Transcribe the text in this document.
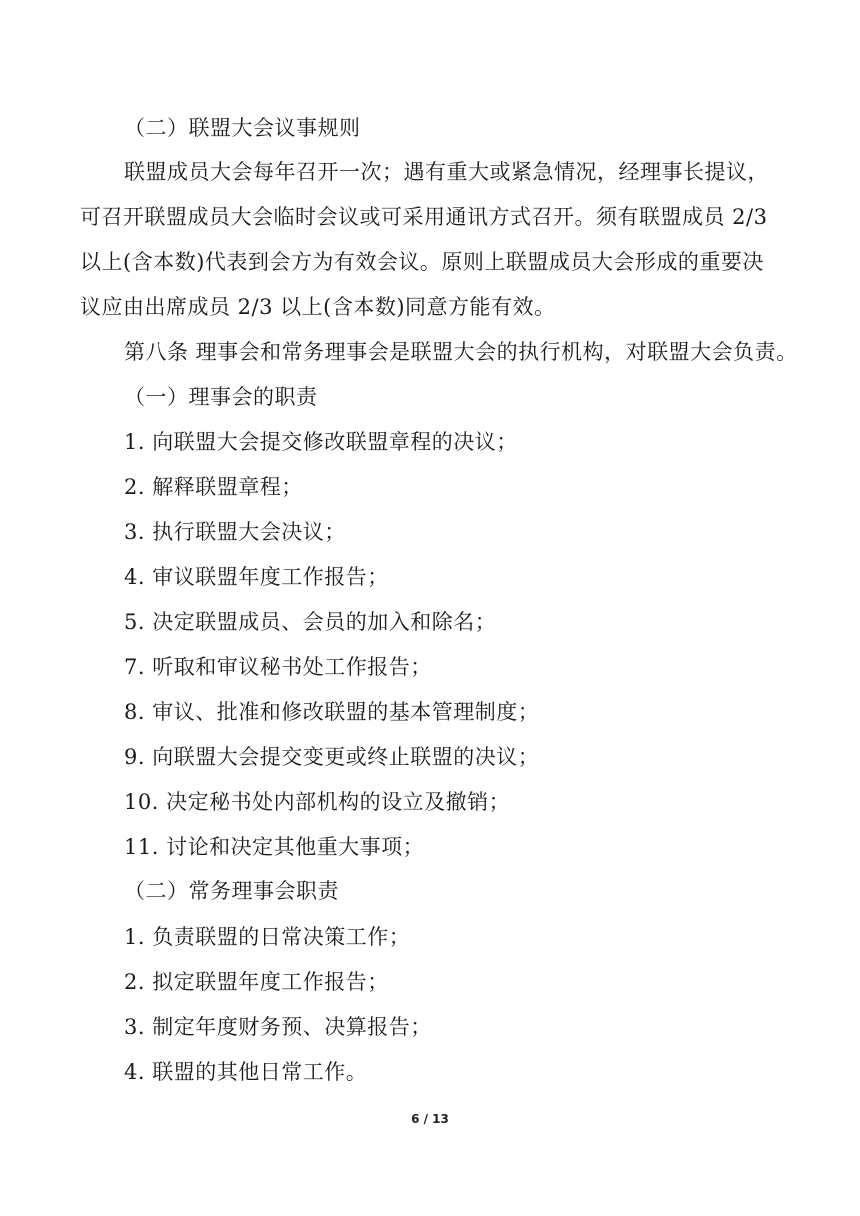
（二）联盟大会议事规则
联盟成员大会每年召开一次；遇有重大或紧急情况，经理事长提议，
可召开联盟成员大会临时会议或可采用通讯方式召开。须有联盟成员 2/3
以上(含本数)代表到会方为有效会议。原则上联盟成员大会形成的重要决
议应由出席成员 2/3 以上(含本数)同意方能有效。
第八条 理事会和常务理事会是联盟大会的执行机构，对联盟大会负责。
（一）理事会的职责
1. 向联盟大会提交修改联盟章程的决议；
2. 解释联盟章程；
3. 执行联盟大会决议；
4. 审议联盟年度工作报告；
5. 决定联盟成员、会员的加入和除名；
7. 听取和审议秘书处工作报告；
8. 审议、批准和修改联盟的基本管理制度；
9. 向联盟大会提交变更或终止联盟的决议；
10. 决定秘书处内部机构的设立及撤销；
11. 讨论和决定其他重大事项；
（二）常务理事会职责
1. 负责联盟的日常决策工作；
2. 拟定联盟年度工作报告；
3. 制定年度财务预、决算报告；
4. 联盟的其他日常工作。
6 / 13
